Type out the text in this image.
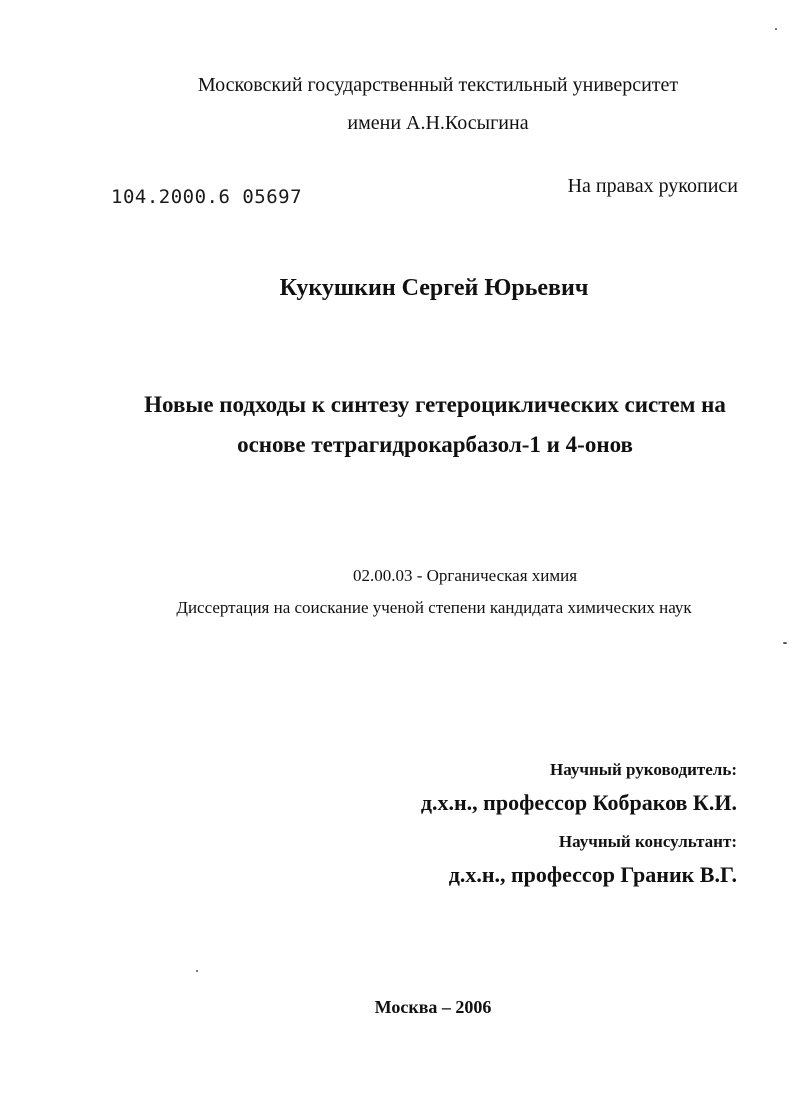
Московский государственный текстильный университет
имени А.Н.Косыгина
104.2000.6 05697	На правах рукописи
Кукушкин Сергей Юрьевич
Новые подходы к синтезу гетероциклических систем на
основе тетрагидрокарбазол-1 и 4-онов
02.00.03 - Органическая химия
Диссертация на соискание ученой степени кандидата химических наук
Научный руководитель:
д.х.н., профессор Кобраков К.И.
Научный консультант:
д.х.н., профессор Граник В.Г.
Москва – 2006
